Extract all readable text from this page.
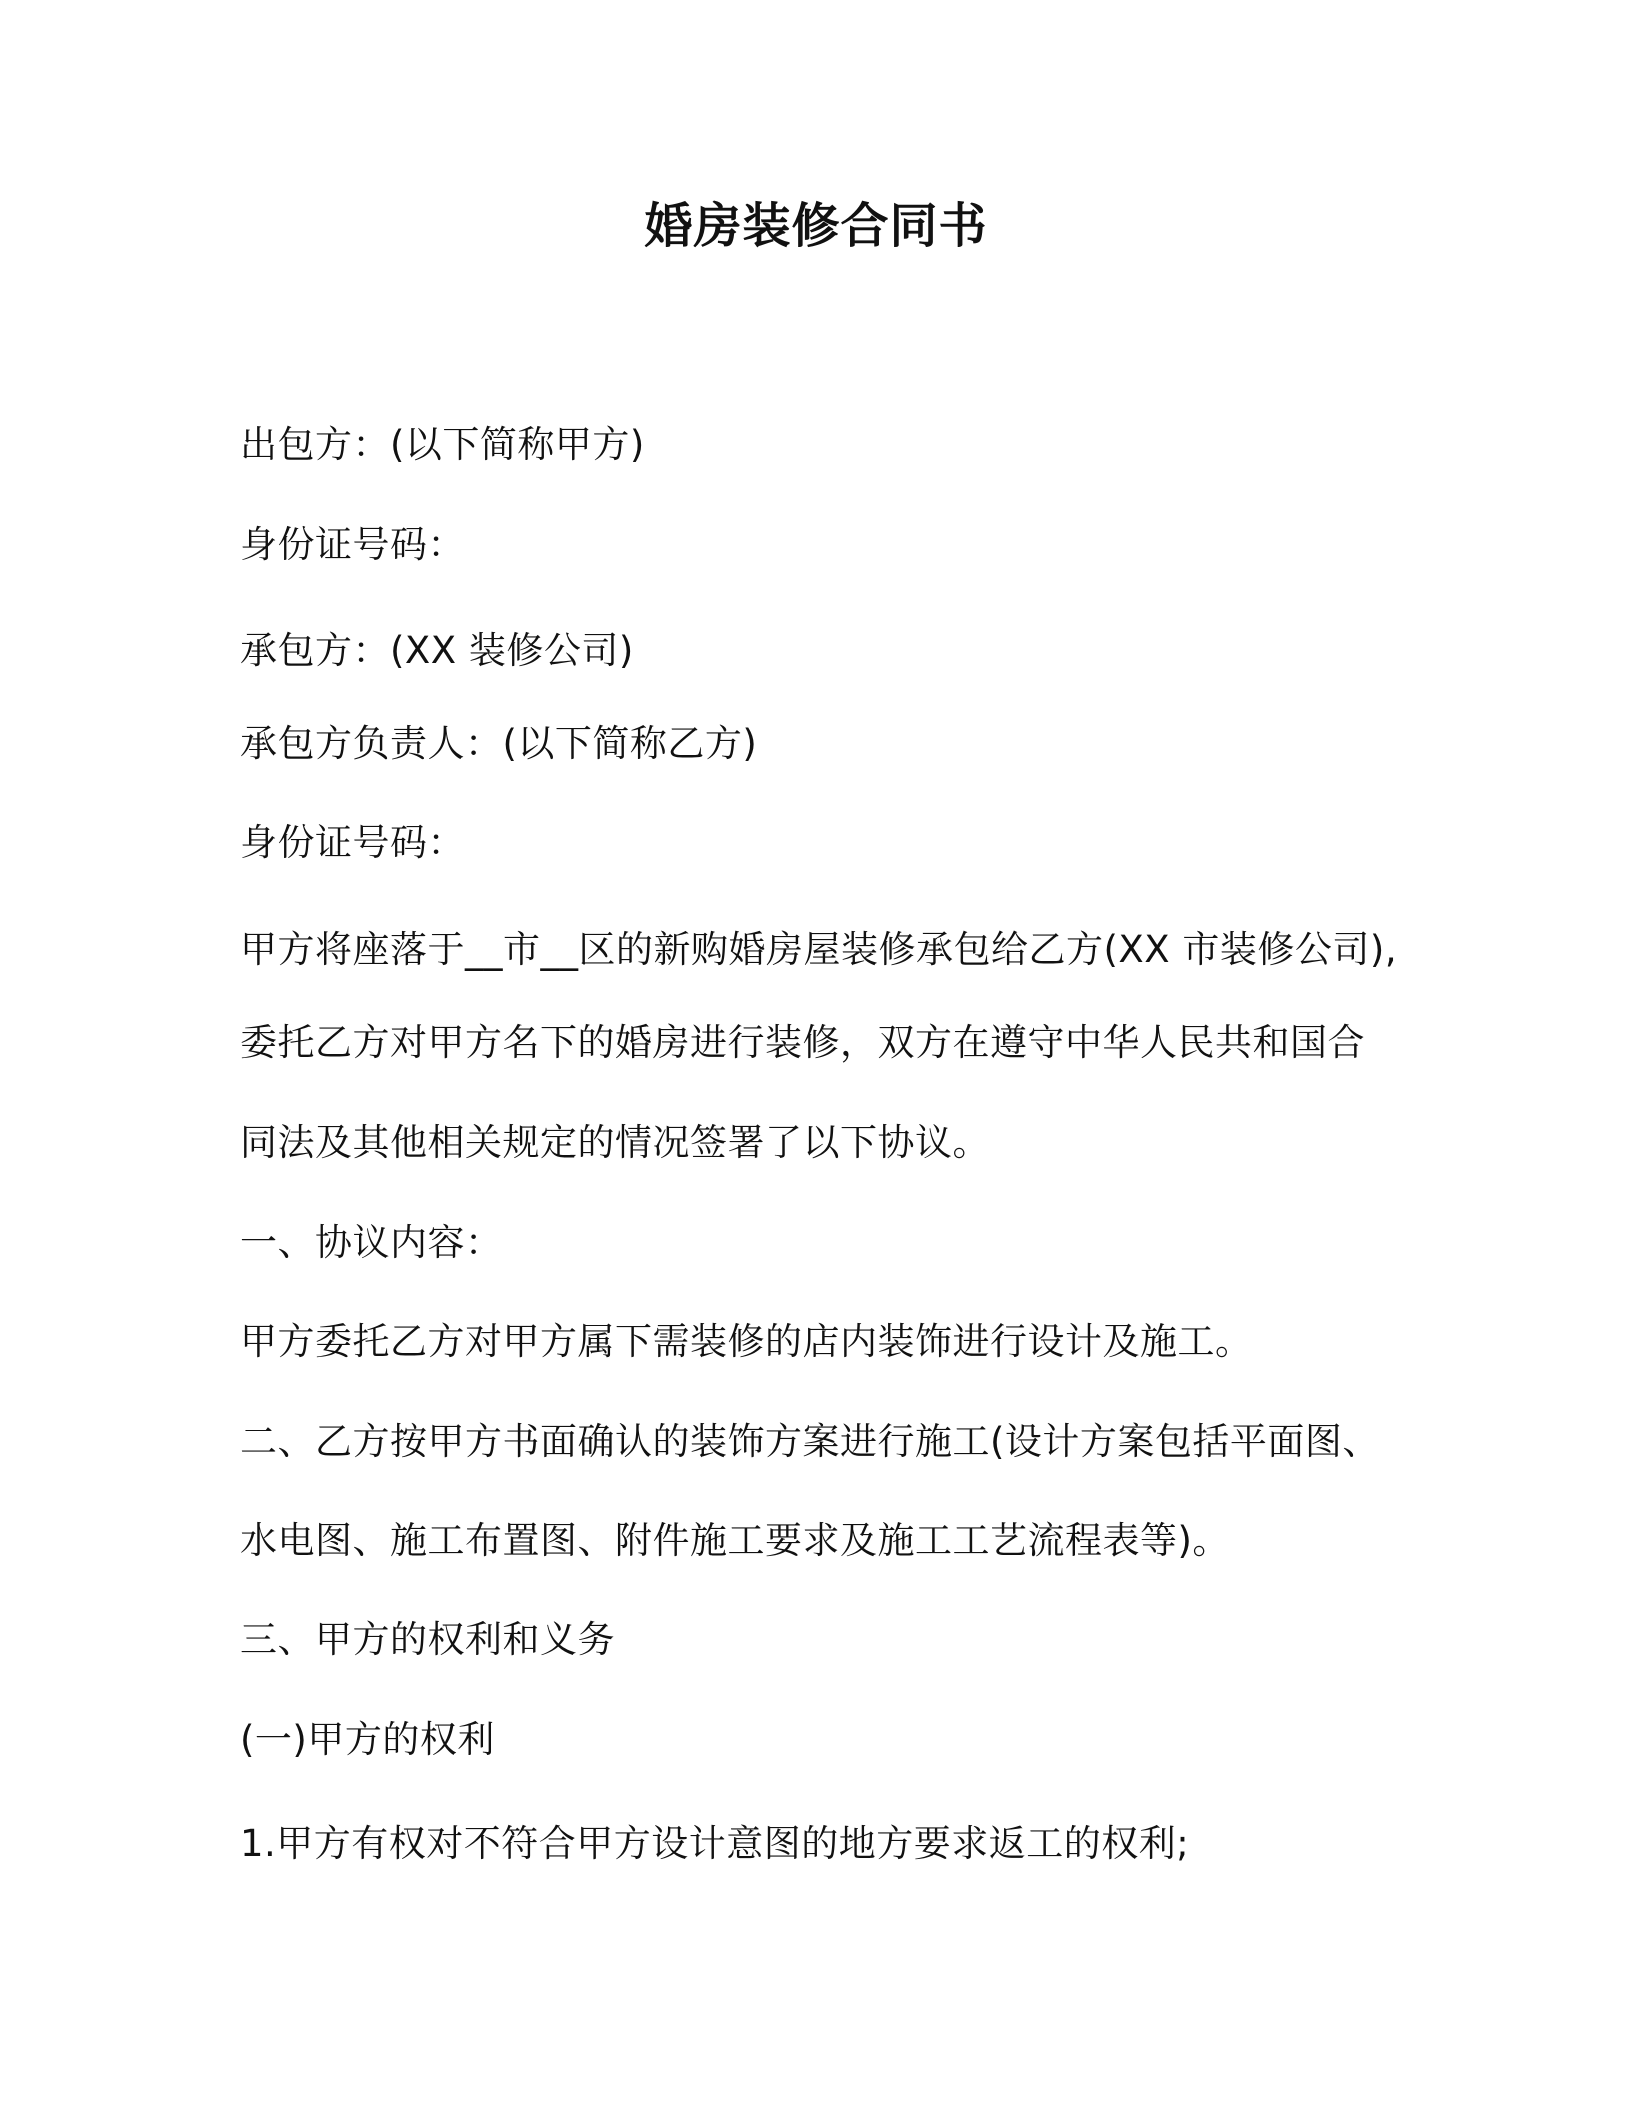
婚房装修合同书
出包方：(以下简称甲方)
身份证号码：
承包方：(XX 装修公司)
承包方负责人：(以下简称乙方)
身份证号码：
甲方将座落于__市__区的新购婚房屋装修承包给乙方(XX 市装修公司),
委托乙方对甲方名下的婚房进行装修，双方在遵守中华人民共和国合
同法及其他相关规定的情况签署了以下协议。
一、协议内容：
甲方委托乙方对甲方属下需装修的店内装饰进行设计及施工。
二、乙方按甲方书面确认的装饰方案进行施工(设计方案包括平面图、
水电图、施工布置图、附件施工要求及施工工艺流程表等)。
三、甲方的权利和义务
(一)甲方的权利
1.甲方有权对不符合甲方设计意图的地方要求返工的权利;
